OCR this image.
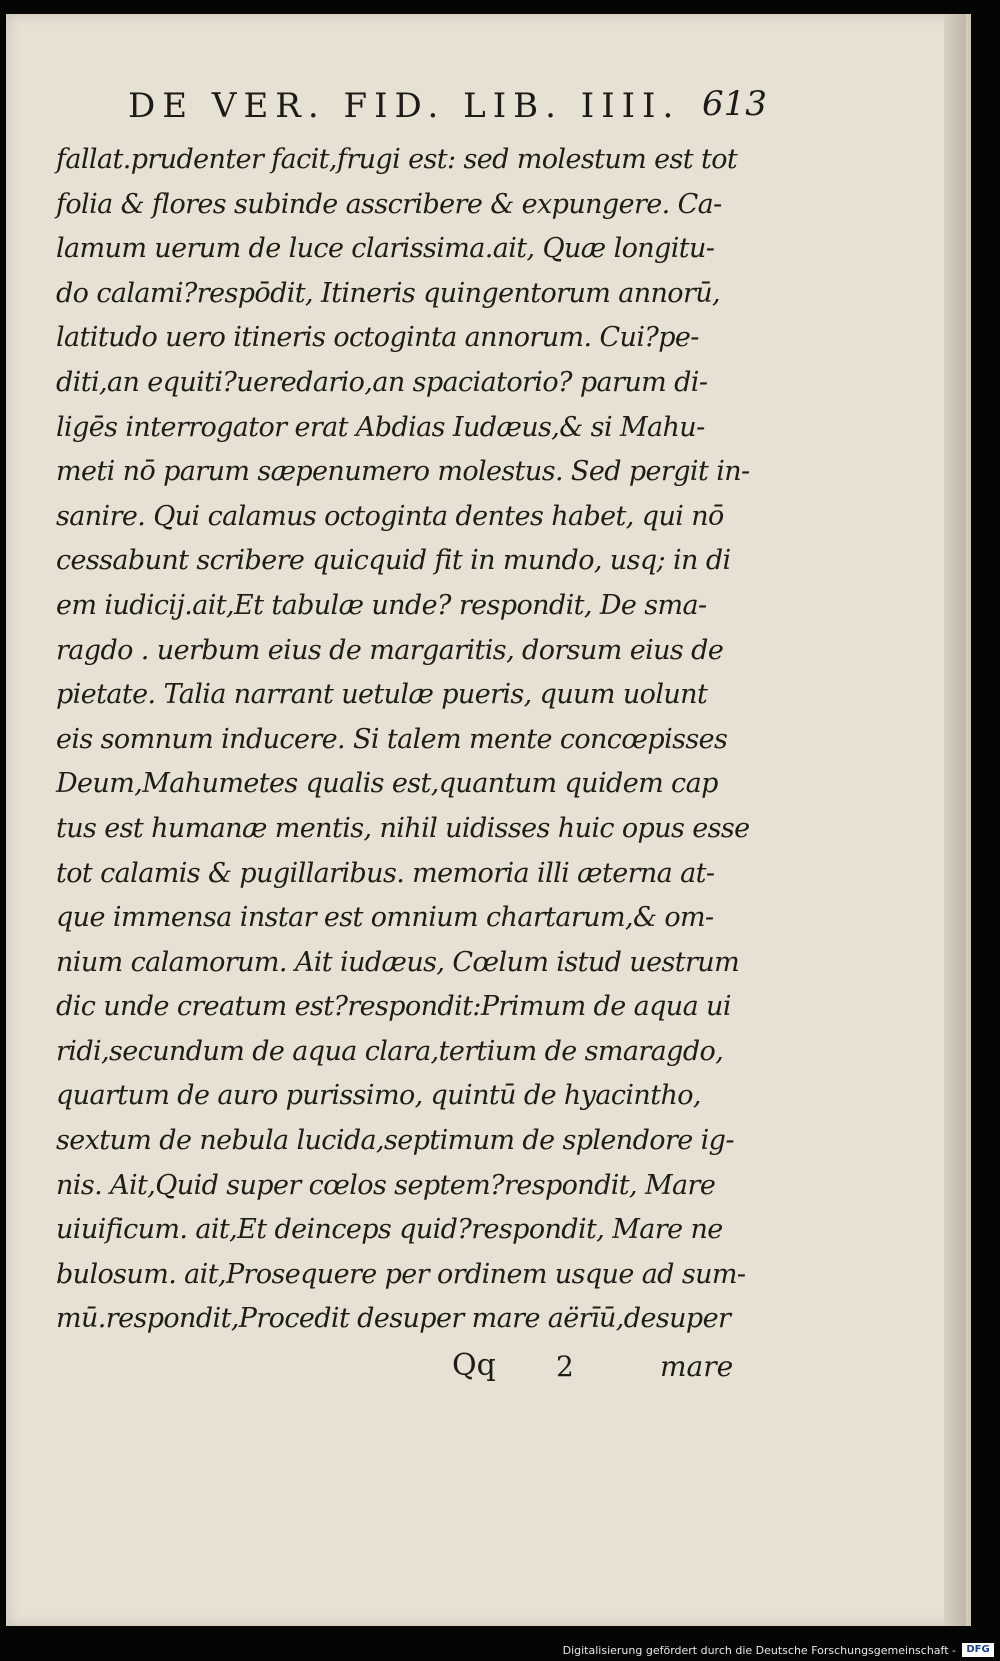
DE VER. FID. LIB. IIII. 613
fallat.prudenter facit,frugi est: sed molestum est tot
folia & flores subinde asscribere & expungere. Ca-
lamum uerum de luce clarissima.ait, Quæ longitu-
do calami?respōdit, Itineris quingentorum annorū,
latitudo uero itineris octoginta annorum. Cui?pe-
diti,an equiti?ueredario,an spaciatorio? parum di-
ligēs interrogator erat Abdias Iudæus,& si Mahu-
meti nō parum sæpenumero molestus. Sed pergit in-
sanire. Qui calamus octoginta dentes habet, qui nō
cessabunt scribere quicquid fit in mundo, usq; in di
em iudicij.ait,Et tabulæ unde? respondit, De sma-
ragdo . uerbum eius de margaritis, dorsum eius de
pietate. Talia narrant uetulæ pueris, quum uolunt
eis somnum inducere. Si talem mente concœpisses
Deum,Mahumetes qualis est,quantum quidem cap
tus est humanæ mentis, nihil uidisses huic opus esse
tot calamis & pugillaribus. memoria illi æterna at-
que immensa instar est omnium chartarum,& om-
nium calamorum. Ait iudæus, Cœlum istud uestrum
dic unde creatum est?respondit:Primum de aqua ui
ridi,secundum de aqua clara,tertium de smaragdo,
quartum de auro purissimo, quintū de hyacintho,
sextum de nebula lucida,septimum de splendore ig-
nis. Ait,Quid super cœlos septem?respondit, Mare
uiuificum. ait,Et deinceps quid?respondit, Mare ne
bulosum. ait,Prosequere per ordinem usque ad sum-
mū.respondit,Procedit desuper mare aërīū,desuper
Qq 2	mare
Digitalisierung gefördert durch die Deutsche Forschungsgemeinschaft -	DFG
